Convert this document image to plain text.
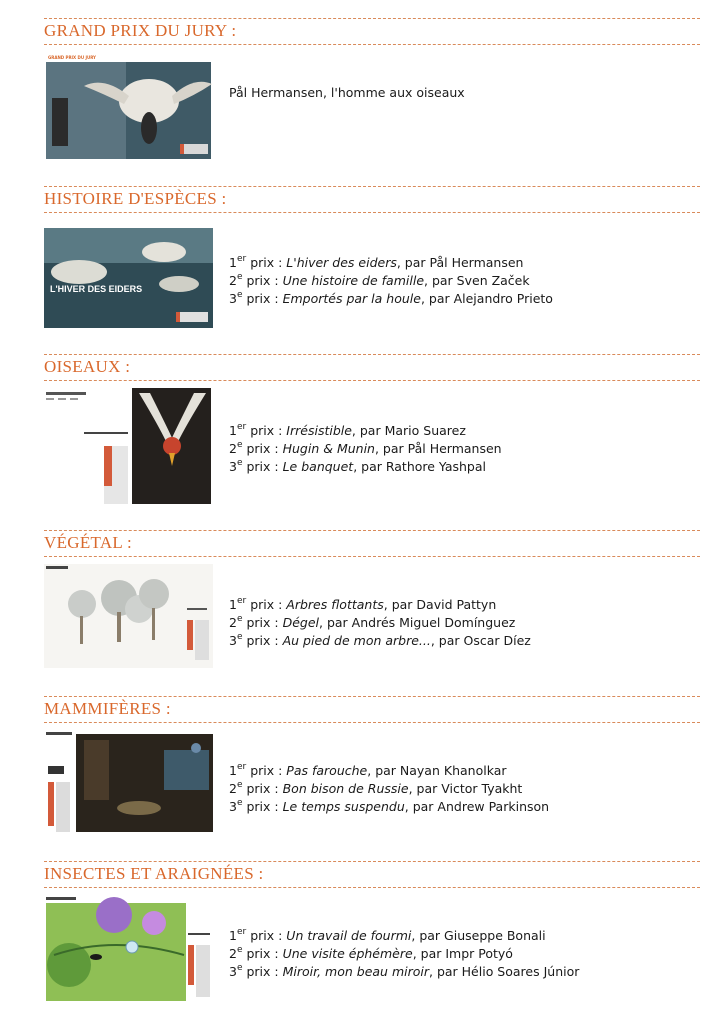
GRAND PRIX DU JURY :
GRAND PRIX DU JURY
Pål Hermansen, l'homme aux oiseaux
HISTOIRE D'ESPÈCES :
L'HIVER DES EIDERS
1er prix : L'hiver des eiders, par Pål Hermansen
2e prix : Une histoire de famille, par Sven Začek
3e prix : Emportés par la houle, par Alejandro Prieto
OISEAUX :
1er prix : Irrésistible, par Mario Suarez
2e prix : Hugin & Munin, par Pål Hermansen
3e prix : Le banquet, par Rathore Yashpal
VÉGÉTAL :
1er prix : Arbres flottants, par David Pattyn
2e prix : Dégel, par Andrés Miguel Domínguez
3e prix : Au pied de mon arbre..., par Oscar Díez
MAMMIFÈRES :
1er prix : Pas farouche, par Nayan Khanolkar
2e prix : Bon bison de Russie, par Victor Tyakht
3e prix : Le temps suspendu, par Andrew Parkinson
INSECTES ET ARAIGNÉES :
1er prix : Un travail de fourmi, par Giuseppe Bonali
2e prix : Une visite éphémère, par Impr Potyó
3e prix : Miroir, mon beau miroir, par Hélio Soares Júnior
